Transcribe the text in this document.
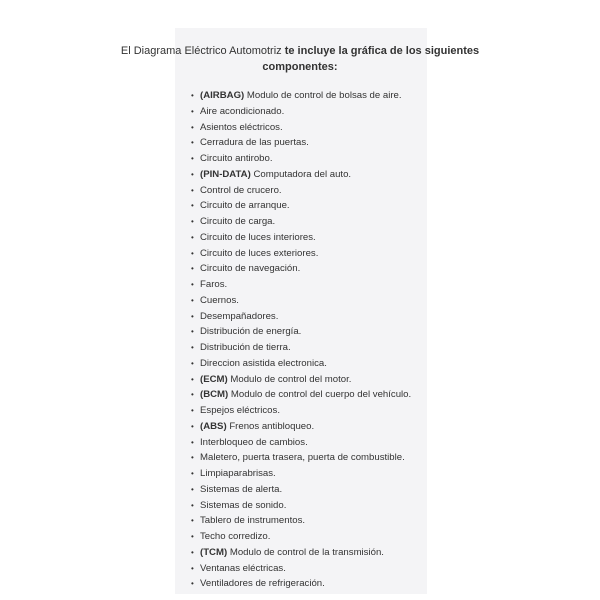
El Diagrama Eléctrico Automotriz te incluye la gráfica de los siguientes
componentes:
• (AIRBAG) Modulo de control de bolsas de aire.
• Aire acondicionado.
• Asientos eléctricos.
• Cerradura de las puertas.
• Circuito antirobo.
• (PIN-DATA) Computadora del auto.
• Control de crucero.
• Circuito de arranque.
• Circuito de carga.
• Circuito de luces interiores.
• Circuito de luces exteriores.
• Circuito de navegación.
• Faros.
• Cuernos.
• Desempañadores.
• Distribución de energía.
• Distribución de tierra.
• Direccion asistida electronica.
• (ECM) Modulo de control del motor.
• (BCM) Modulo de control del cuerpo del vehículo.
• Espejos eléctricos.
• (ABS) Frenos antibloqueo.
• Interbloqueo de cambios.
• Maletero, puerta trasera, puerta de combustible.
• Limpiaparabrisas.
• Sistemas de alerta.
• Sistemas de sonido.
• Tablero de instrumentos.
• Techo corredizo.
• (TCM) Modulo de control de la transmisión.
• Ventanas eléctricas.
• Ventiladores de refrigeración.
